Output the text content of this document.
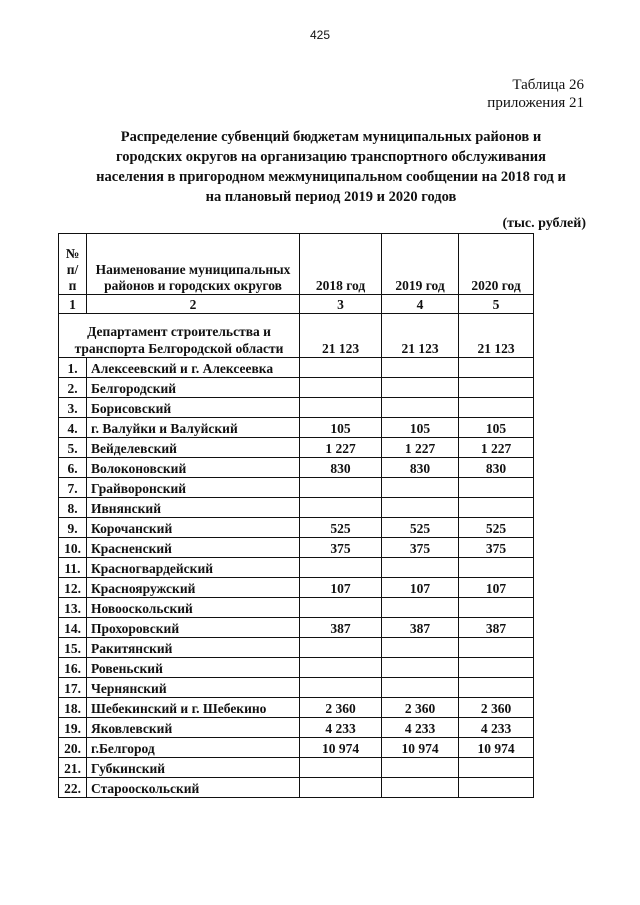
425
Таблица 26
приложения 21
Распределение субвенций бюджетам муниципальных районов и
городских округов на организацию транспортного обслуживания
населения в пригородном межмуниципальном сообщении на 2018 год и
на плановый период 2019 и 2020 годов
(тыс. рублей)
№ п/п	Наименование муниципальных районов и городских округов	2018 год	2019 год	2020 год
1	2	3	4	5
Департамент строительства и транспорта Белгородской области		21 123	21 123	21 123
1.	Алексеевский и г. Алексеевка			
2.	Белгородский			
3.	Борисовский			
4.	г. Валуйки и Валуйский	105	105	105
5.	Вейделевский	1 227	1 227	1 227
6.	Волоконовский	830	830	830
7.	Грайворонский			
8.	Ивнянский			
9.	Корочанский	525	525	525
10.	Красненский	375	375	375
11.	Красногвардейский			
12.	Краснояружский	107	107	107
13.	Новооскольский			
14.	Прохоровский	387	387	387
15.	Ракитянский			
16.	Ровеньский			
17.	Чернянский			
18.	Шебекинский и г. Шебекино	2 360	2 360	2 360
19.	Яковлевский	4 233	4 233	4 233
20.	г.Белгород	10 974	10 974	10 974
21.	Губкинский			
22.	Старооскольский			
